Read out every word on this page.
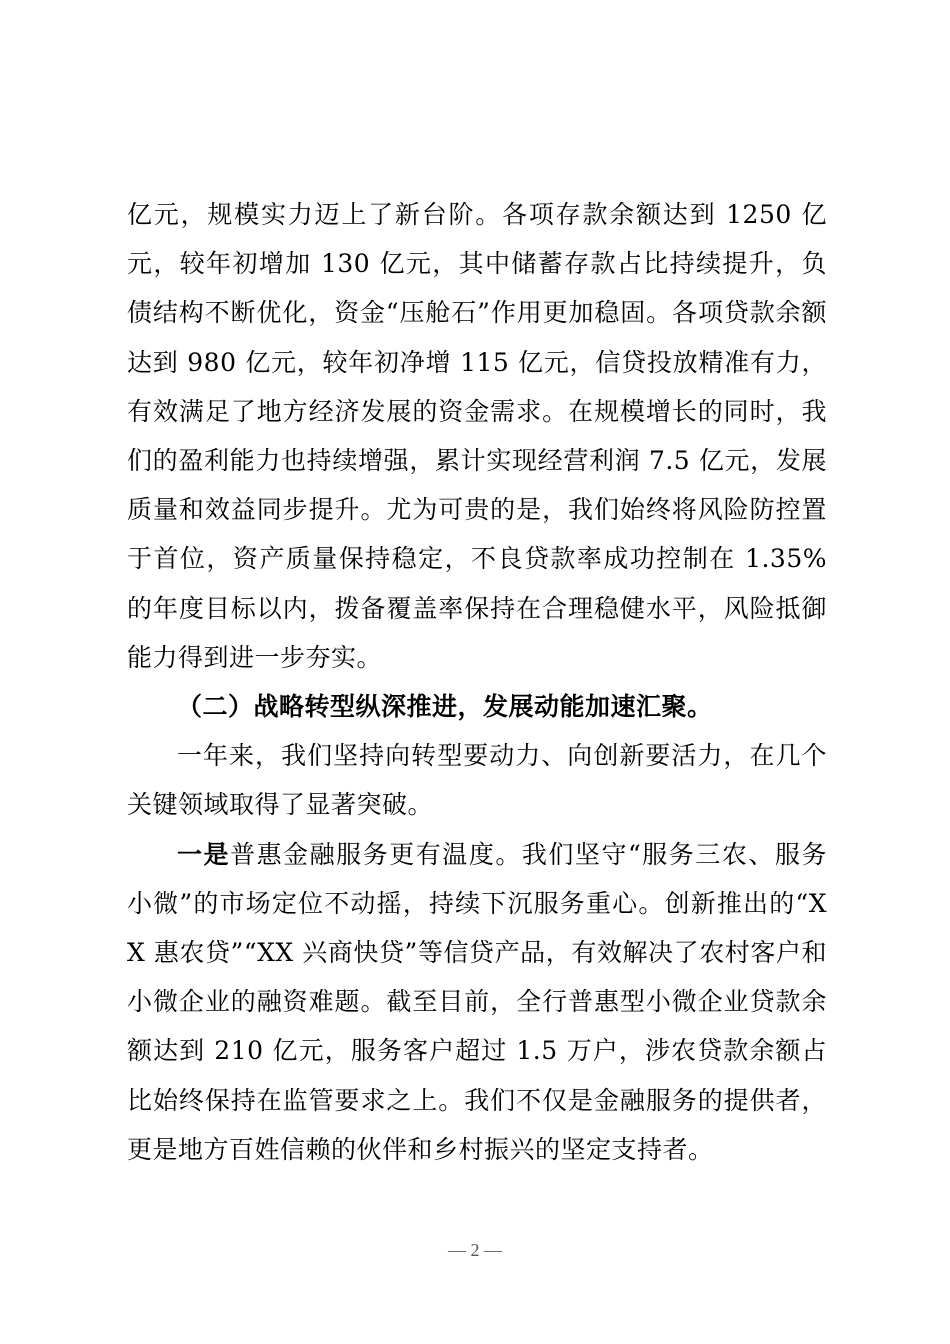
亿元，规模实力迈上了新台阶。各项存款余额达到 1250 亿元，较年初增加 130 亿元，其中储蓄存款占比持续提升，负债结构不断优化，资金“压舱石”作用更加稳固。各项贷款余额达到 980 亿元，较年初净增 115 亿元，信贷投放精准有力，有效满足了地方经济发展的资金需求。在规模增长的同时，我们的盈利能力也持续增强，累计实现经营利润 7.5 亿元，发展质量和效益同步提升。尤为可贵的是，我们始终将风险防控置于首位，资产质量保持稳定，不良贷款率成功控制在 1.35%的年度目标以内，拨备覆盖率保持在合理稳健水平，风险抵御能力得到进一步夯实。

（二）战略转型纵深推进，发展动能加速汇聚。

一年来，我们坚持向转型要动力、向创新要活力，在几个关键领域取得了显著突破。

一是普惠金融服务更有温度。我们坚守“服务三农、服务小微”的市场定位不动摇，持续下沉服务重心。创新推出的“XX 惠农贷”“XX 兴商快贷”等信贷产品，有效解决了农村客户和小微企业的融资难题。截至目前，全行普惠型小微企业贷款余额达到 210 亿元，服务客户超过 1.5 万户，涉农贷款余额占比始终保持在监管要求之上。我们不仅是金融服务的提供者，更是地方百姓信赖的伙伴和乡村振兴的坚定支持者。

— 2 —
